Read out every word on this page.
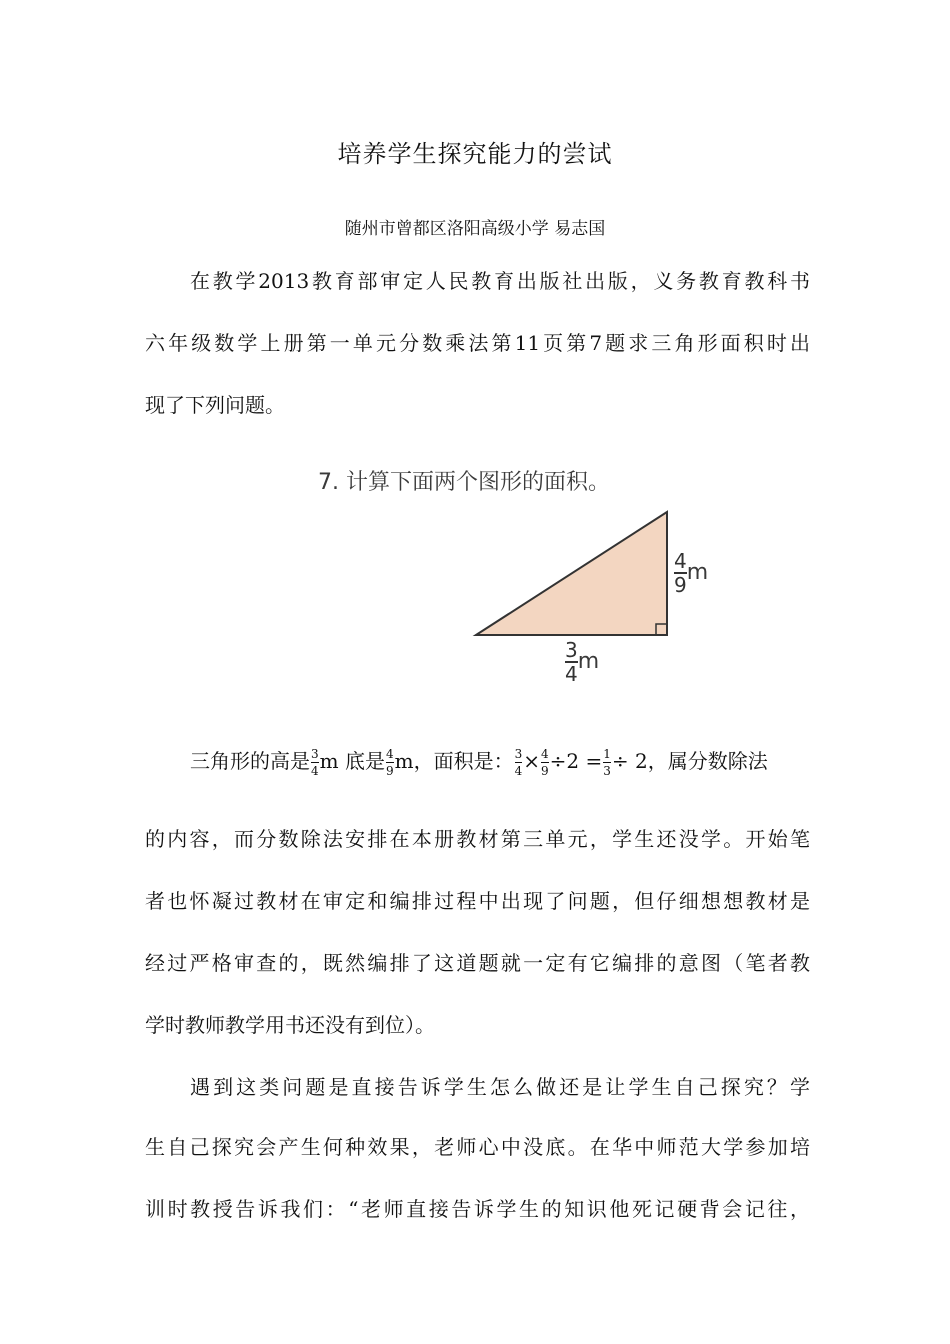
培养学生探究能力的尝试
随州市曾都区洛阳高级小学 易志国
在教学2013教育部审定人民教育出版社出版，义务教育教科书
六年级数学上册第一单元分数乘法第11页第7题求三角形面积时出
现了下列问题。
7. 计算下面两个图形的面积。
$\frac{4}{9}$ m
$\frac{3}{4}$ m
三角形的高是 $\frac{3}{4}$ m 底是 $\frac{4}{9}$ m，面积是： $\frac{3}{4} \times \frac{4}{9} \div 2 = \frac{1}{3} \div 2$，属分数除法
的内容，而分数除法安排在本册教材第三单元，学生还没学。开始笔
者也怀凝过教材在审定和编排过程中出现了问题，但仔细想想教材是
经过严格审查的，既然编排了这道题就一定有它编排的意图（笔者教
学时教师教学用书还没有到位）。
遇到这类问题是直接告诉学生怎么做还是让学生自己探究？学
生自己探究会产生何种效果，老师心中没底。在华中师范大学参加培
训时教授告诉我们：“老师直接告诉学生的知识他死记硬背会记往，
